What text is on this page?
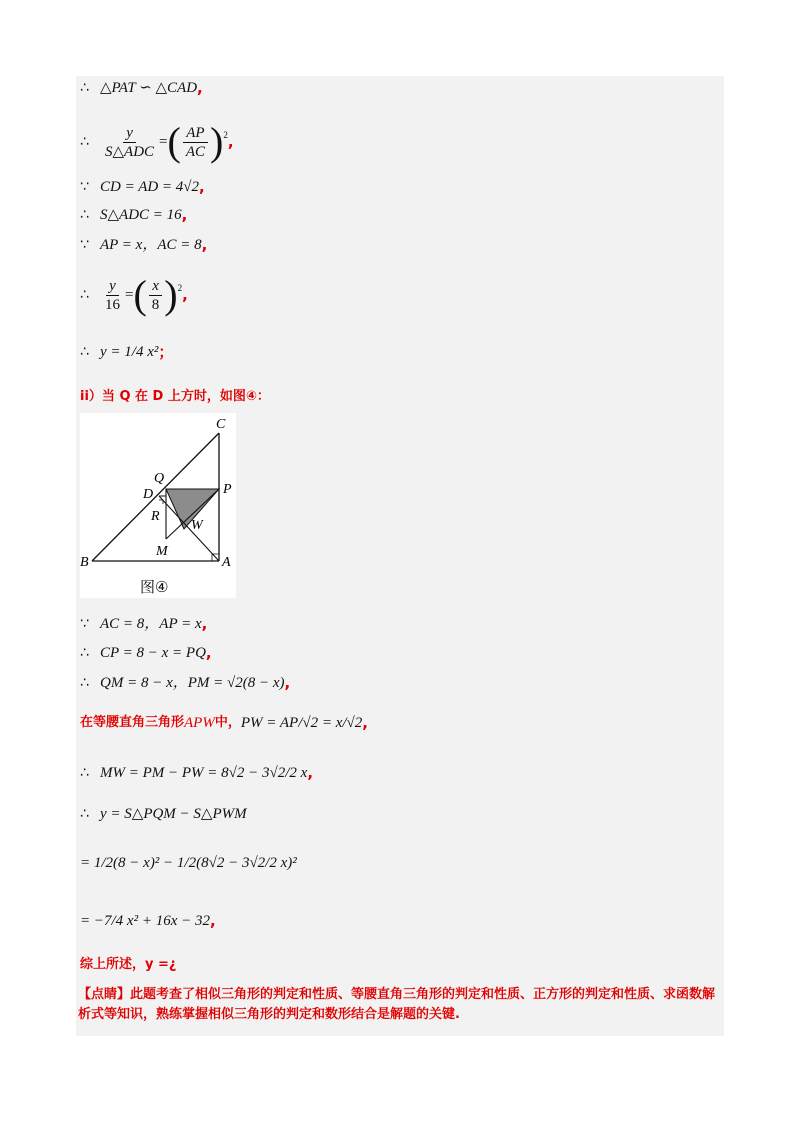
∴ △PAT ∽ △CAD ,
∴ $\frac{y}{\text{S△ADC}}$ = ( $\frac{AP}{AC}$ ) 2 ,
∵ CD = AD = 4√2 ,
∴ S△ADC = 16 ,
∵ AP = x，AC = 8 ,
∴ $\frac{y}{16}$ = ( $\frac{x}{8}$ ) 2 ,
∴ y = 1/4 x² ；
ii）当 Q 在 D 上方时，如图④：
C
Q
D	P
R
W
M
B	A
图④
∵ AC = 8，AP = x ,
∴ CP = 8 − x = PQ ,
∴ QM = 8 − x，PM = √2(8 − x) ,
在等腰直角三角形 APW 中， PW = AP/√2 = x/√2 ,
∴ MW = PM − PW = 8√2 − 3√2/2 x ,
∴ y = S△PQM − S△PWM
= 1/2(8 − x)² − 1/2(8√2 − 3√2/2 x)²
= −7/4 x² + 16x − 32 ,
综上所述，y =¿
【点睛】此题考查了相似三角形的判定和性质、等腰直角三角形的判定和性质、正方形的判定和性质、求函数解析式等知识，熟练掌握相似三角形的判定和数形结合是解题的关键.
